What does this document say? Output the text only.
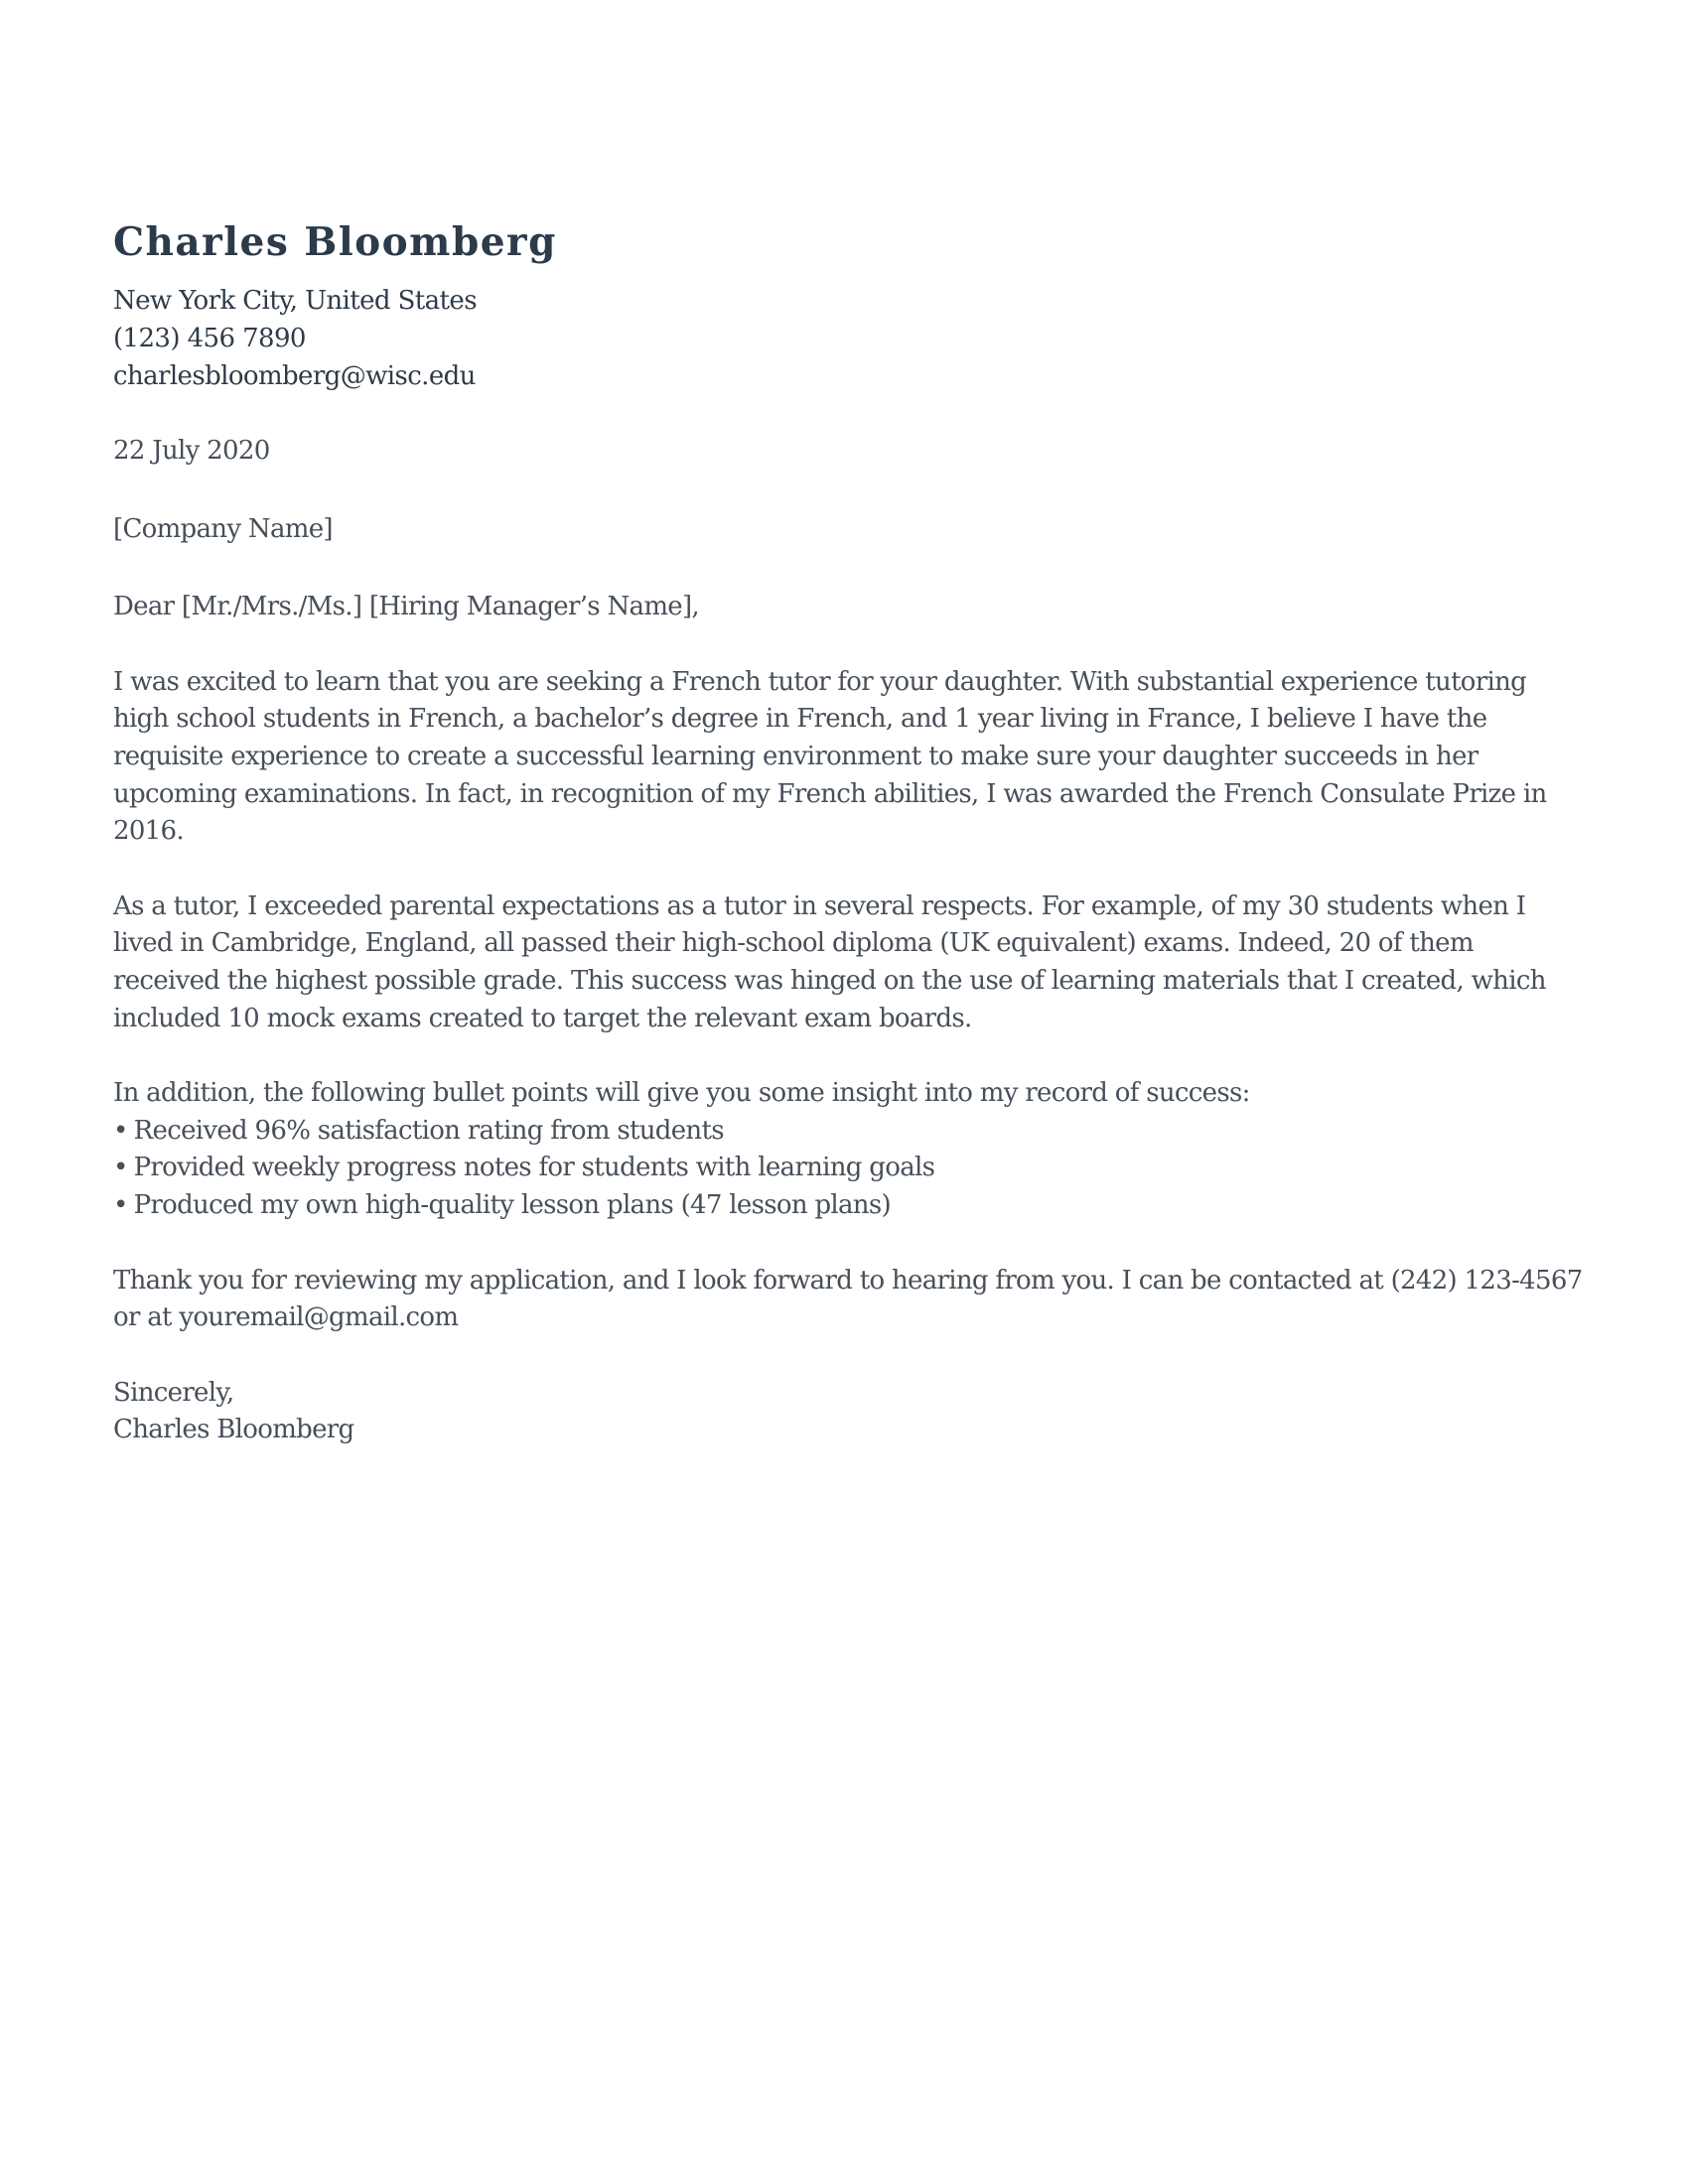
Charles Bloomberg
New York City, United States
(123) 456 7890
charlesbloomberg@wisc.edu
22 July 2020
[Company Name]
Dear [Mr./Mrs./Ms.] [Hiring Manager’s Name],
I was excited to learn that you are seeking a French tutor for your daughter. With substantial experience tutoring high school students in French, a bachelor’s degree in French, and 1 year living in France, I believe I have the requisite experience to create a successful learning environment to make sure your daughter succeeds in her upcoming examinations. In fact, in recognition of my French abilities, I was awarded the French Consulate Prize in 2016.
As a tutor, I exceeded parental expectations as a tutor in several respects. For example, of my 30 students when I lived in Cambridge, England, all passed their high-school diploma (UK equivalent) exams. Indeed, 20 of them received the highest possible grade. This success was hinged on the use of learning materials that I created, which included 10 mock exams created to target the relevant exam boards.
In addition, the following bullet points will give you some insight into my record of success:
• Received 96% satisfaction rating from students
• Provided weekly progress notes for students with learning goals
• Produced my own high-quality lesson plans (47 lesson plans)
Thank you for reviewing my application, and I look forward to hearing from you. I can be contacted at (242) 123-4567 or at youremail@gmail.com
Sincerely,
Charles Bloomberg
